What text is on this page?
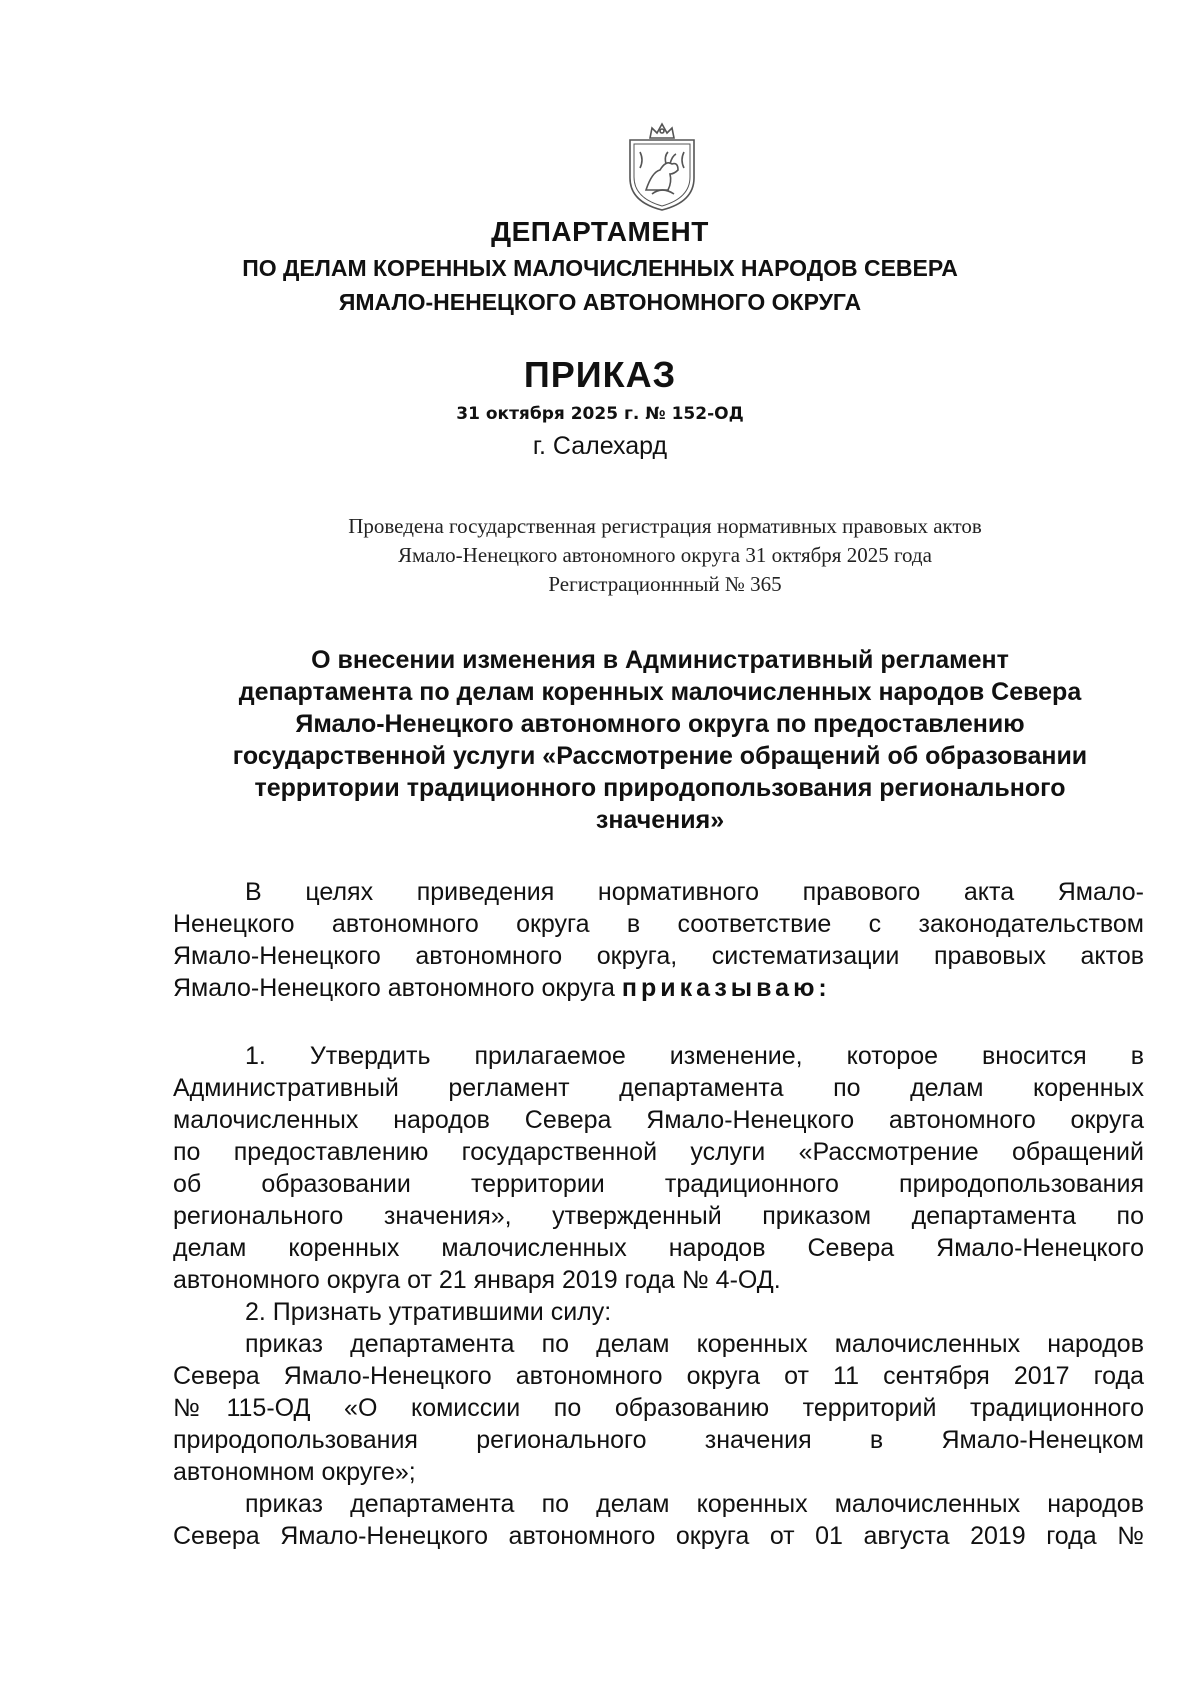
ДЕПАРТАМЕНТ
ПО ДЕЛАМ КОРЕННЫХ МАЛОЧИСЛЕННЫХ НАРОДОВ СЕВЕРА
ЯМАЛО-НЕНЕЦКОГО АВТОНОМНОГО ОКРУГА
ПРИКАЗ
31 октября 2025 г. № 152-ОД
г. Салехард
Проведена государственная регистрация нормативных правовых актов
Ямало-Ненецкого автономного округа 31 октября 2025 года
Регистрационнный № 365
О внесении изменения в Административный регламент
департамента по делам коренных малочисленных народов Севера
Ямало-Ненецкого автономного округа по предоставлению
государственной услуги «Рассмотрение обращений об образовании
территории традиционного природопользования регионального
значения»
В целях приведения нормативного правового акта Ямало-
Ненецкого автономного округа в соответствие с законодательством
Ямало-Ненецкого автономного округа, систематизации правовых актов
Ямало-Ненецкого автономного округа приказываю:
1. Утвердить прилагаемое изменение, которое вносится в
Административный регламент департамента по делам коренных
малочисленных народов Севера Ямало-Ненецкого автономного округа
по предоставлению государственной услуги «Рассмотрение обращений
об образовании территории традиционного природопользования
регионального значения», утвержденный приказом департамента по
делам коренных малочисленных народов Севера Ямало-Ненецкого
автономного округа от 21 января 2019 года № 4-ОД.
2. Признать утратившими силу:
приказ департамента по делам коренных малочисленных народов
Севера Ямало-Ненецкого автономного округа от 11 сентября 2017 года
№115-ОД «О комиссии по образованию территорий традиционного
природопользования регионального значения в Ямало-Ненецком
автономном округе»;
приказ департамента по делам коренных малочисленных народов
Севера Ямало-Ненецкого автономного округа от 01 августа 2019 года №
